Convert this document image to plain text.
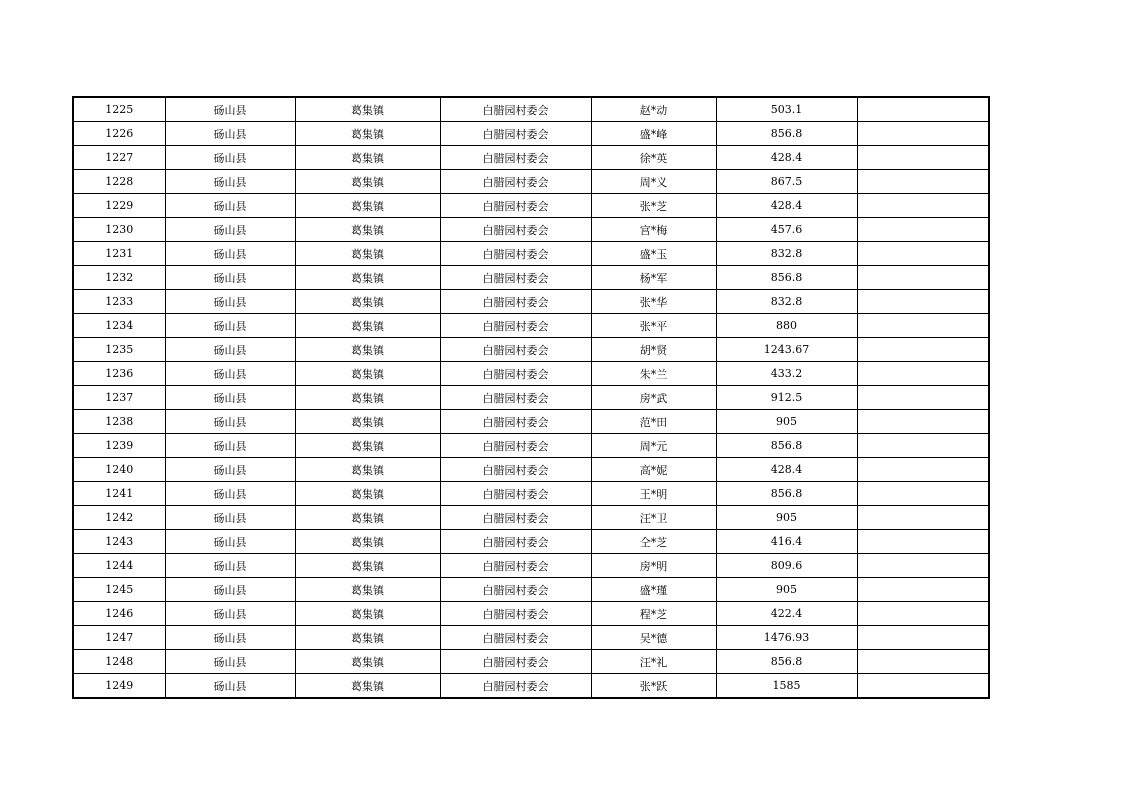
1225	砀山县	葛集镇	白腊园村委会	赵*动	503.1	
1226	砀山县	葛集镇	白腊园村委会	盛*峰	856.8	
1227	砀山县	葛集镇	白腊园村委会	徐*英	428.4	
1228	砀山县	葛集镇	白腊园村委会	周*义	867.5	
1229	砀山县	葛集镇	白腊园村委会	张*芝	428.4	
1230	砀山县	葛集镇	白腊园村委会	宫*梅	457.6	
1231	砀山县	葛集镇	白腊园村委会	盛*玉	832.8	
1232	砀山县	葛集镇	白腊园村委会	杨*军	856.8	
1233	砀山县	葛集镇	白腊园村委会	张*华	832.8	
1234	砀山县	葛集镇	白腊园村委会	张*平	880	
1235	砀山县	葛集镇	白腊园村委会	胡*贤	1243.67	
1236	砀山县	葛集镇	白腊园村委会	朱*兰	433.2	
1237	砀山县	葛集镇	白腊园村委会	房*武	912.5	
1238	砀山县	葛集镇	白腊园村委会	范*田	905	
1239	砀山县	葛集镇	白腊园村委会	周*元	856.8	
1240	砀山县	葛集镇	白腊园村委会	高*妮	428.4	
1241	砀山县	葛集镇	白腊园村委会	王*明	856.8	
1242	砀山县	葛集镇	白腊园村委会	汪*卫	905	
1243	砀山县	葛集镇	白腊园村委会	仝*芝	416.4	
1244	砀山县	葛集镇	白腊园村委会	房*明	809.6	
1245	砀山县	葛集镇	白腊园村委会	盛*瑾	905	
1246	砀山县	葛集镇	白腊园村委会	程*芝	422.4	
1247	砀山县	葛集镇	白腊园村委会	吴*德	1476.93	
1248	砀山县	葛集镇	白腊园村委会	汪*礼	856.8	
1249	砀山县	葛集镇	白腊园村委会	张*跃	1585	
